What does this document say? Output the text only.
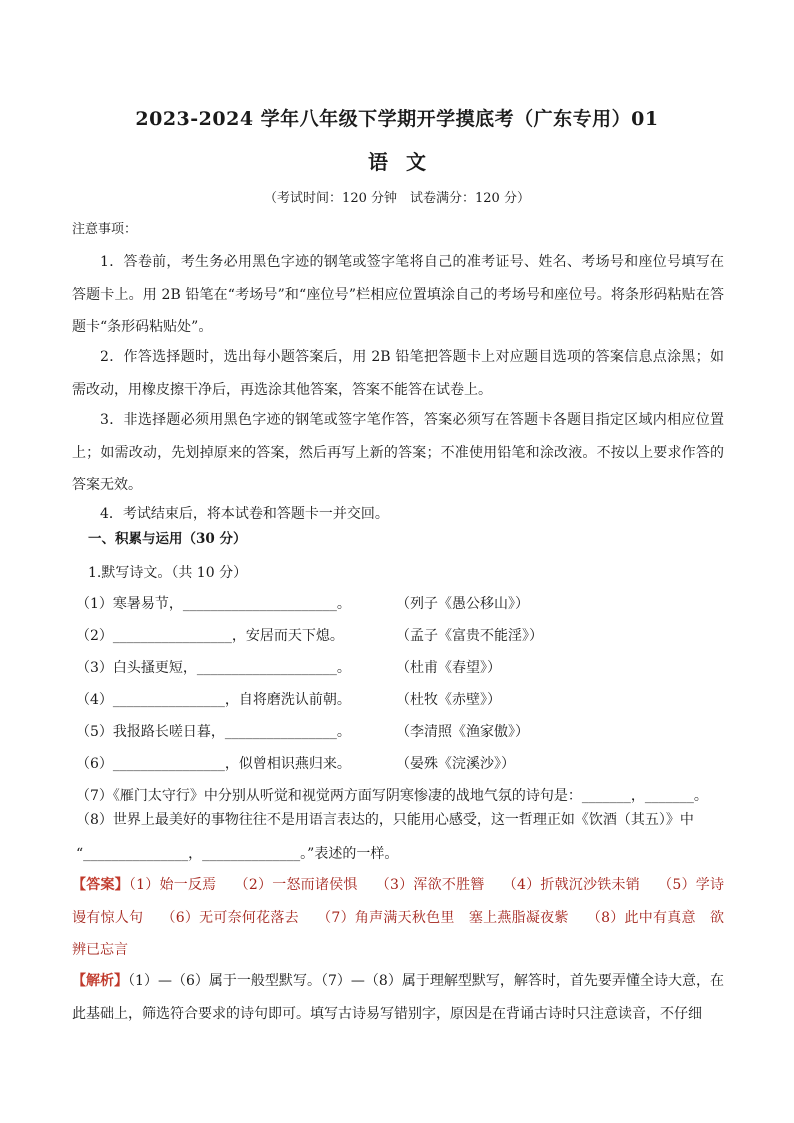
2023-2024 学年八年级下学期开学摸底考（广东专用）01
语文
（考试时间：120 分钟　试卷满分：120 分）
注意事项：
1．答卷前，考生务必用黑色字迹的钢笔或签字笔将自己的准考证号、姓名、考场号和座位号填写在答题卡上。用 2B 铅笔在“考场号”和“座位号”栏相应位置填涂自己的考场号和座位号。将条形码粘贴在答题卡“条形码粘贴处”。
2．作答选择题时，选出每小题答案后，用 2B 铅笔把答题卡上对应题目选项的答案信息点涂黑；如需改动，用橡皮擦干净后，再选涂其他答案，答案不能答在试卷上。
3．非选择题必须用黑色字迹的钢笔或签字笔作答，答案必须写在答题卡各题目指定区域内相应位置上；如需改动，先划掉原来的答案，然后再写上新的答案；不准使用铅笔和涂改液。不按以上要求作答的答案无效。
4．考试结束后，将本试卷和答题卡一并交回。
一、积累与运用（30 分）
1.默写诗文。（共 10 分）
（1）寒暑易节，______________________。	（列子《愚公移山》）
（2）_________________，安居而天下熄。	（孟子《富贵不能淫》）
（3）白头搔更短，____________________。	（杜甫《春望》）
（4）________________，自将磨洗认前朝。	（杜牧《赤壁》）
（5）我报路长嗟日暮，________________。	（李清照《渔家傲》）
（6）________________，似曾相识燕归来。	（晏殊《浣溪沙》）
（7）《雁门太守行》中分别从听觉和视觉两方面写阴寒惨凄的战地气氛的诗句是：_______，_______。
（8）世界上最美好的事物往往不是用语言表达的，只能用心感受，这一哲理正如《饮酒（其五）》中
“_______________，______________。”表述的一样。
【答案】（1）始一反焉 （2）一怒而诸侯惧 （3）浑欲不胜簪 （4）折戟沉沙铁未销 （5）学诗谩有惊人句 （6）无可奈何花落去 （7）角声满天秋色里　塞上燕脂凝夜紫 （8）此中有真意　欲辨已忘言
【解析】（1）—（6）属于一般型默写。（7）—（8）属于理解型默写，解答时，首先要弄懂全诗大意，在此基础上，筛选符合要求的诗句即可。填写古诗易写错别字，原因是在背诵古诗时只注意读音，不仔细
